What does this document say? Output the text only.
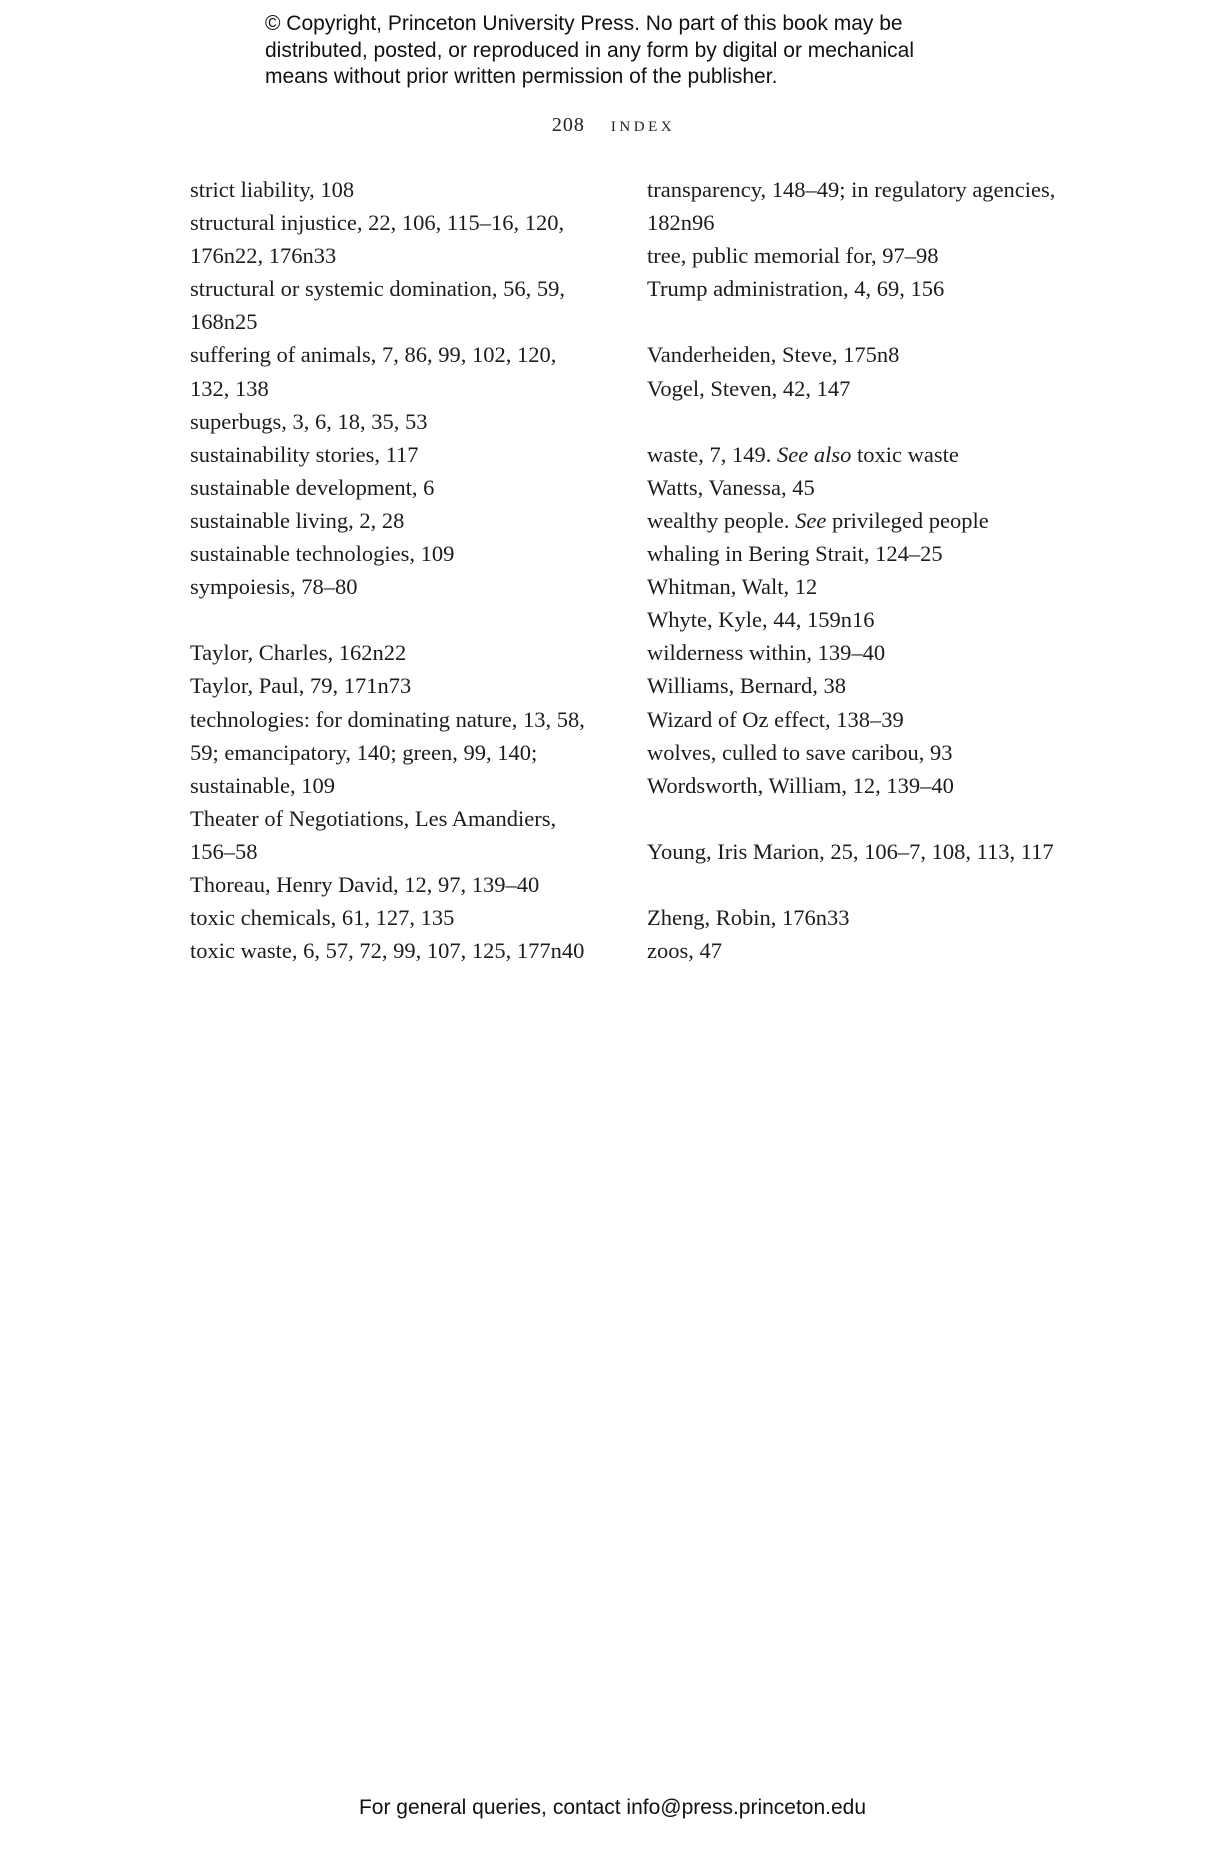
© Copyright, Princeton University Press. No part of this book may be
distributed, posted, or reproduced in any form by digital or mechanical
means without prior written permission of the publisher.
208 index
strict liability, 108
structural injustice, 22, 106, 115–16, 120,
176n22, 176n33
structural or systemic domination, 56, 59,
168n25
suffering of animals, 7, 86, 99, 102, 120,
132, 138
superbugs, 3, 6, 18, 35, 53
sustainability stories, 117
sustainable development, 6
sustainable living, 2, 28
sustainable technologies, 109
sympoiesis, 78–80
Taylor, Charles, 162n22
Taylor, Paul, 79, 171n73
technologies: for dominating nature, 13, 58,
59; emancipatory, 140; green, 99, 140;
sustainable, 109
Theater of Negotiations, Les Amandiers,
156–58
Thoreau, Henry David, 12, 97, 139–40
toxic chemicals, 61, 127, 135
toxic waste, 6, 57, 72, 99, 107, 125, 177n40
transparency, 148–49; in regulatory agencies,
182n96
tree, public memorial for, 97–98
Trump administration, 4, 69, 156
Vanderheiden, Steve, 175n8
Vogel, Steven, 42, 147
waste, 7, 149. See also toxic waste
Watts, Vanessa, 45
wealthy people. See privileged people
whaling in Bering Strait, 124–25
Whitman, Walt, 12
Whyte, Kyle, 44, 159n16
wilderness within, 139–40
Williams, Bernard, 38
Wizard of Oz effect, 138–39
wolves, culled to save caribou, 93
Wordsworth, William, 12, 139–40
Young, Iris Marion, 25, 106–7, 108, 113, 117
Zheng, Robin, 176n33
zoos, 47
For general queries, contact info@press.princeton.edu
